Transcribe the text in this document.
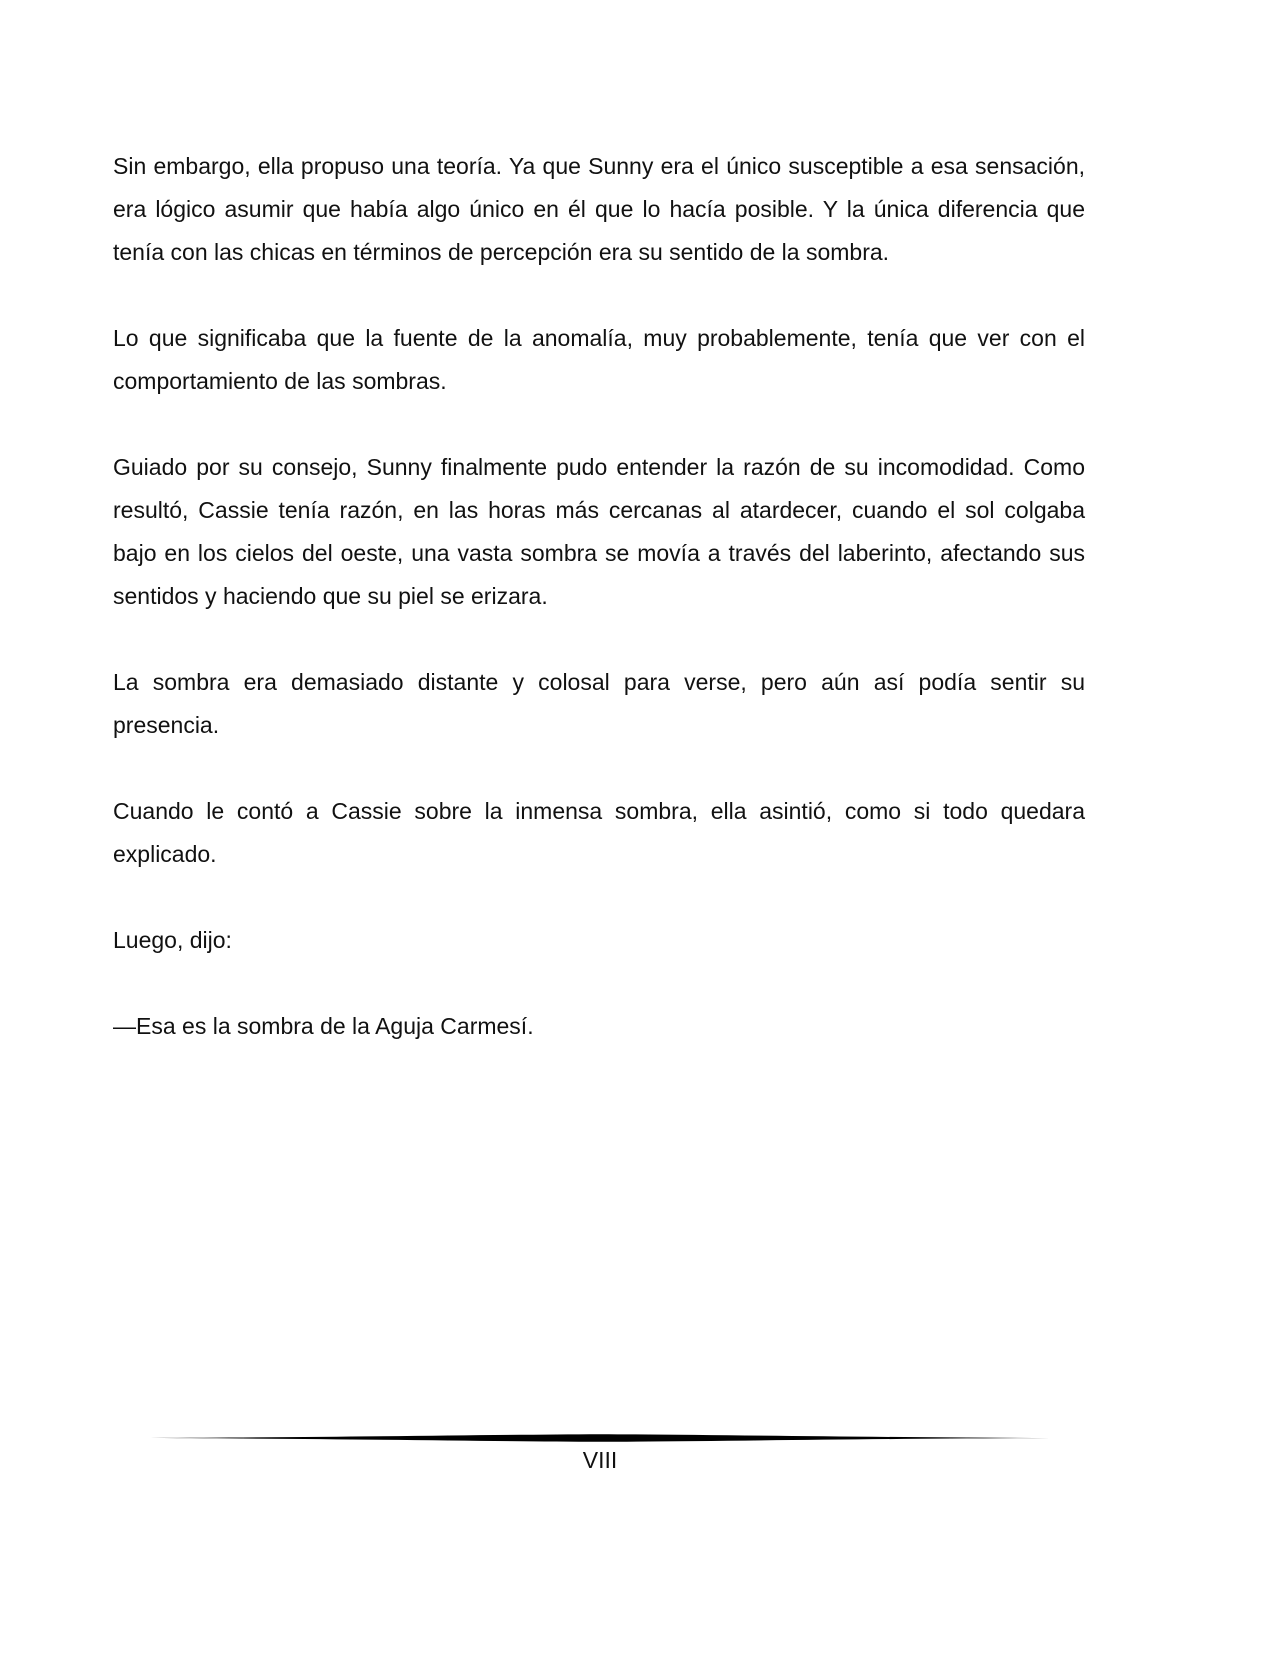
Sin embargo, ella propuso una teoría. Ya que Sunny era el único susceptible a esa sensación, era lógico asumir que había algo único en él que lo hacía posible. Y la única diferencia que tenía con las chicas en términos de percepción era su sentido de la sombra.

Lo que significaba que la fuente de la anomalía, muy probablemente, tenía que ver con el comportamiento de las sombras.

Guiado por su consejo, Sunny finalmente pudo entender la razón de su incomodidad. Como resultó, Cassie tenía razón, en las horas más cercanas al atardecer, cuando el sol colgaba bajo en los cielos del oeste, una vasta sombra se movía a través del laberinto, afectando sus sentidos y haciendo que su piel se erizara.

La sombra era demasiado distante y colosal para verse, pero aún así podía sentir su presencia.

Cuando le contó a Cassie sobre la inmensa sombra, ella asintió, como si todo quedara explicado.

Luego, dijo:

—Esa es la sombra de la Aguja Carmesí.

VIII
